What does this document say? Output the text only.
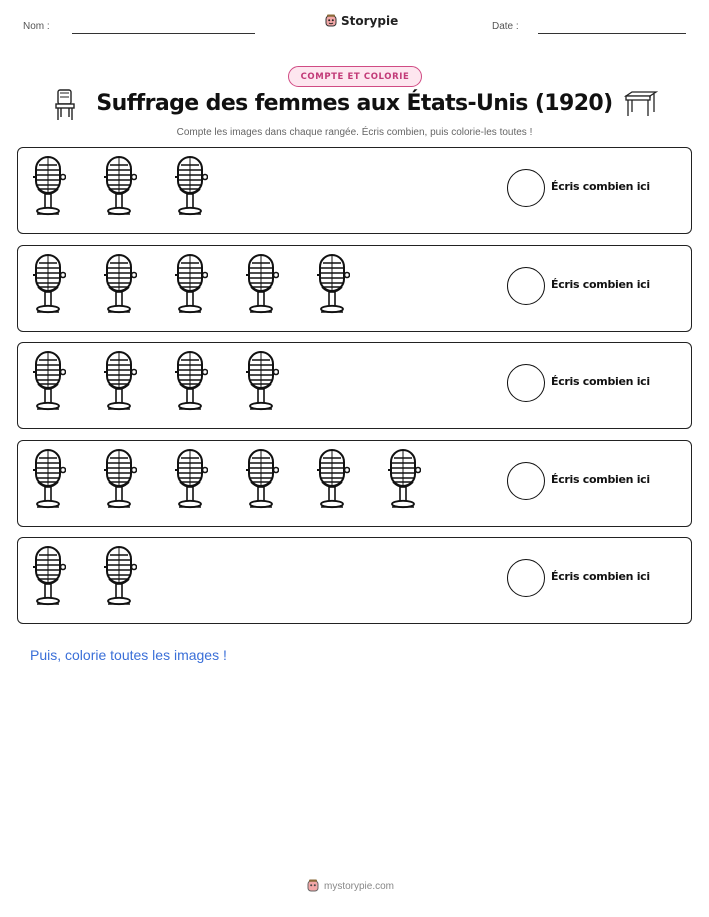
Nom :	Storypie	Date :
COMPTE ET COLORIE
Suffrage des femmes aux États-Unis (1920)
Compte les images dans chaque rangée. Écris combien, puis colorie-les toutes !
Écris combien ici
Écris combien ici
Écris combien ici
Écris combien ici
Écris combien ici
Puis, colorie toutes les images !
mystorypie.com
